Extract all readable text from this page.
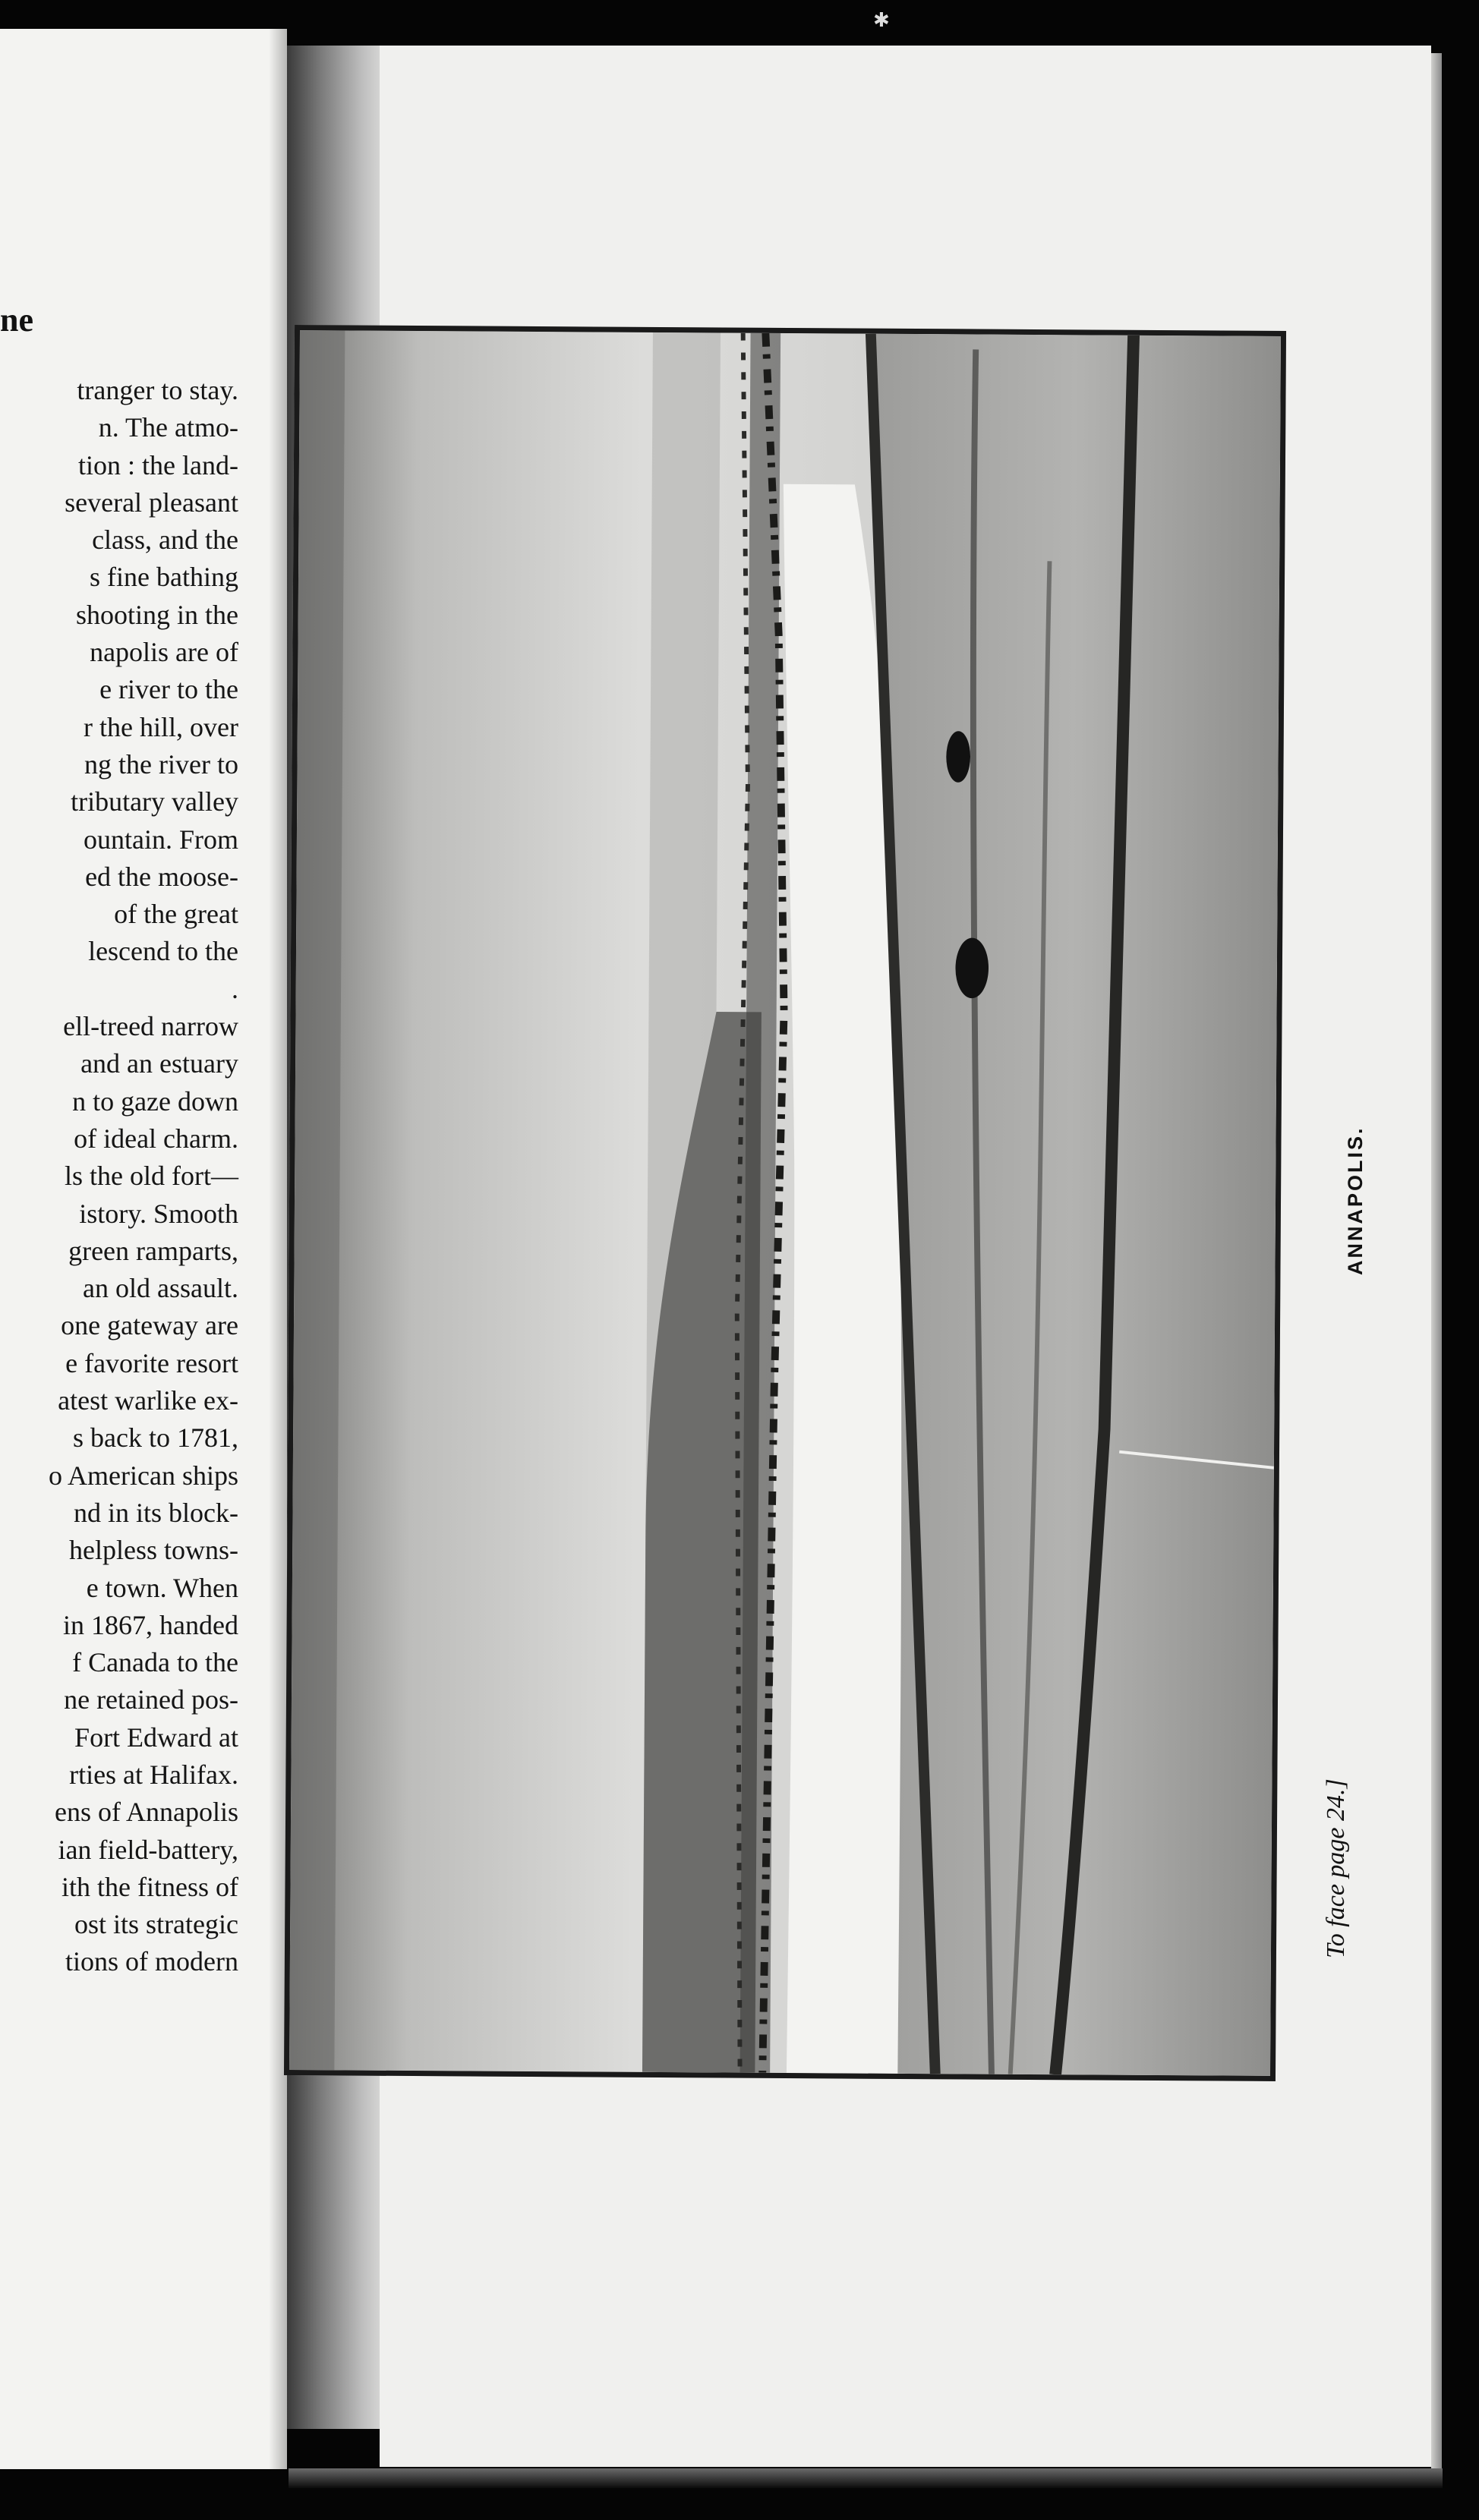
ne
tranger to stay.
n. The atmo-
tion : the land-
several pleasant
class, and the
s fine bathing
shooting in the
napolis are of
e river to the
r the hill, over
ng the river to
tributary valley
ountain. From
ed the moose-
of the great
lescend to the
.
ell-treed narrow
and an estuary
n to gaze down
of ideal charm.
ls the old fort—
istory. Smooth
green ramparts,
an old assault.
one gateway are
e favorite resort
atest warlike ex-
s back to 1781,
o American ships
nd in its block-
helpless towns-
e town. When
in 1867, handed
f Canada to the
ne retained pos-
Fort Edward at
rties at Halifax.
ens of Annapolis
ian field-battery,
ith the fitness of
ost its strategic
tions of modern
✱
ANNAPOLIS.
To face page 24.]
